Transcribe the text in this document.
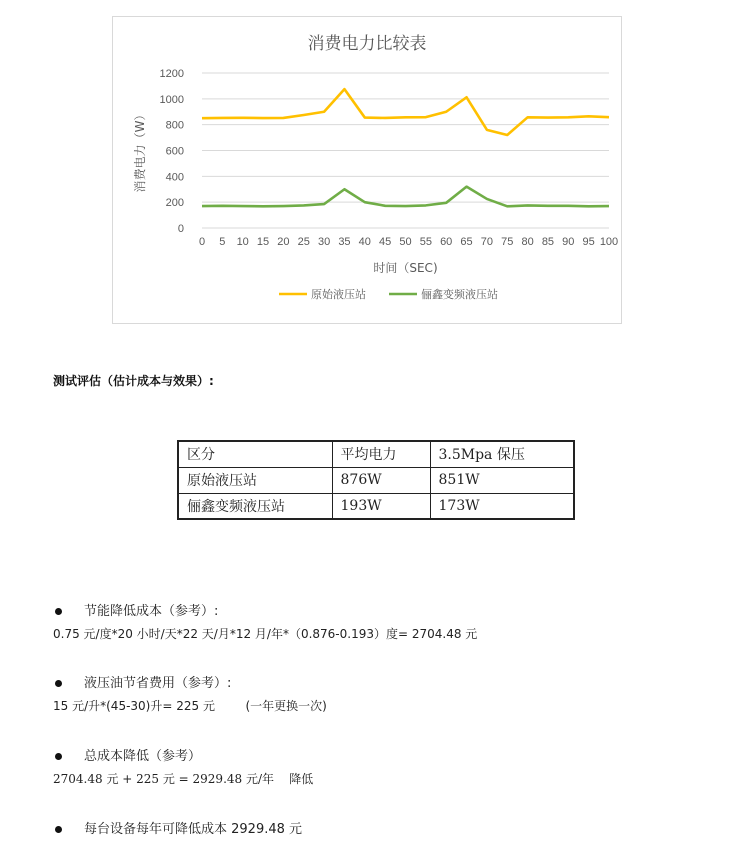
消费电力比较表
0
200
400
600
800
1000
1200
0 5 10 15 20 25 30 35 40 45 50 55 60 65 70 75 80 85 90 95 100
时间（SEC)
消费电力（W）
原始液压站	俪鑫变频液压站
测试评估（估计成本与效果）:
区分	平均电力	3.5Mpa 保压
原始液压站	876W	851W
俪鑫变频液压站	193W	173W
节能降低成本（参考）:
0.75 元/度*20 小时/天*22 天/月*12 月/年*（0.876-0.193）度= 2704.48 元
液压油节省费用（参考）:
15 元/升*(45-30)升= 225 元        (一年更换一次)
总成本降低（参考）
2704.48 元 + 225 元 = 2929.48 元/年    降低
每台设备每年可降低成本 2929.48 元
